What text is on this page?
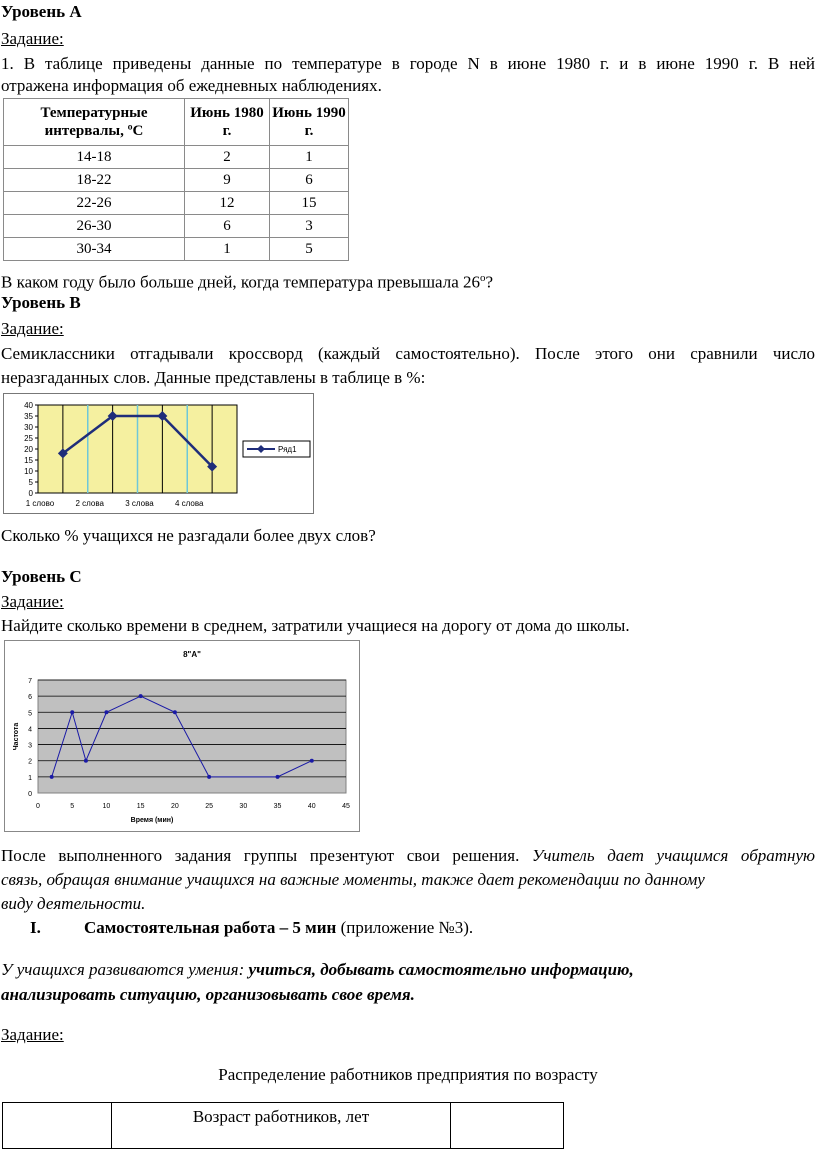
Уровень А
Задание:
1. В таблице приведены данные по температуре в городе N в июне 1980 г. и в июне 1990 г. В ней
отражена информация об ежедневных наблюдениях.
Температурные интервалы, ºС	Июнь 1980 г.	Июнь 1990 г.
14-18	2	1
18-22	9	6
22-26	12	15
26-30	6	3
30-34	1	5
В каком году было больше дней, когда температура превышала $26^о$?
Уровень В
Задание:
Семиклассники отгадывали кроссворд (каждый самостоятельно). После этого они сравнили число
неразгаданных слов. Данные представлены в таблице в %:
0
5
10
15
20
25
30
35
40
1 слово	2 слова	3 слова	4 слова
Ряд1
Сколько % учащихся не разгадали более двух слов?
Уровень С
Задание:
Найдите сколько времени в среднем, затратили учащиеся на дорогу от дома до школы.
8"А"
0
1
2
3
4
5
6
7
0	5	10	15	20	25	30	35	40	45
Частота
Время (мин)
После выполненного задания группы презентуют свои решения. Учитель дает учащимся обратную
связь, обращая внимание учащихся на важные моменты, также дает рекомендации по данному
виду деятельности.
I.	Самостоятельная работа – 5 мин (приложение №3).
У учащихся развиваются умения: учиться, добывать самостоятельно информацию,
анализировать ситуацию, организовывать свое время.
Задание:
Распределение работников предприятия по возрасту
	Возраст работников, лет	
